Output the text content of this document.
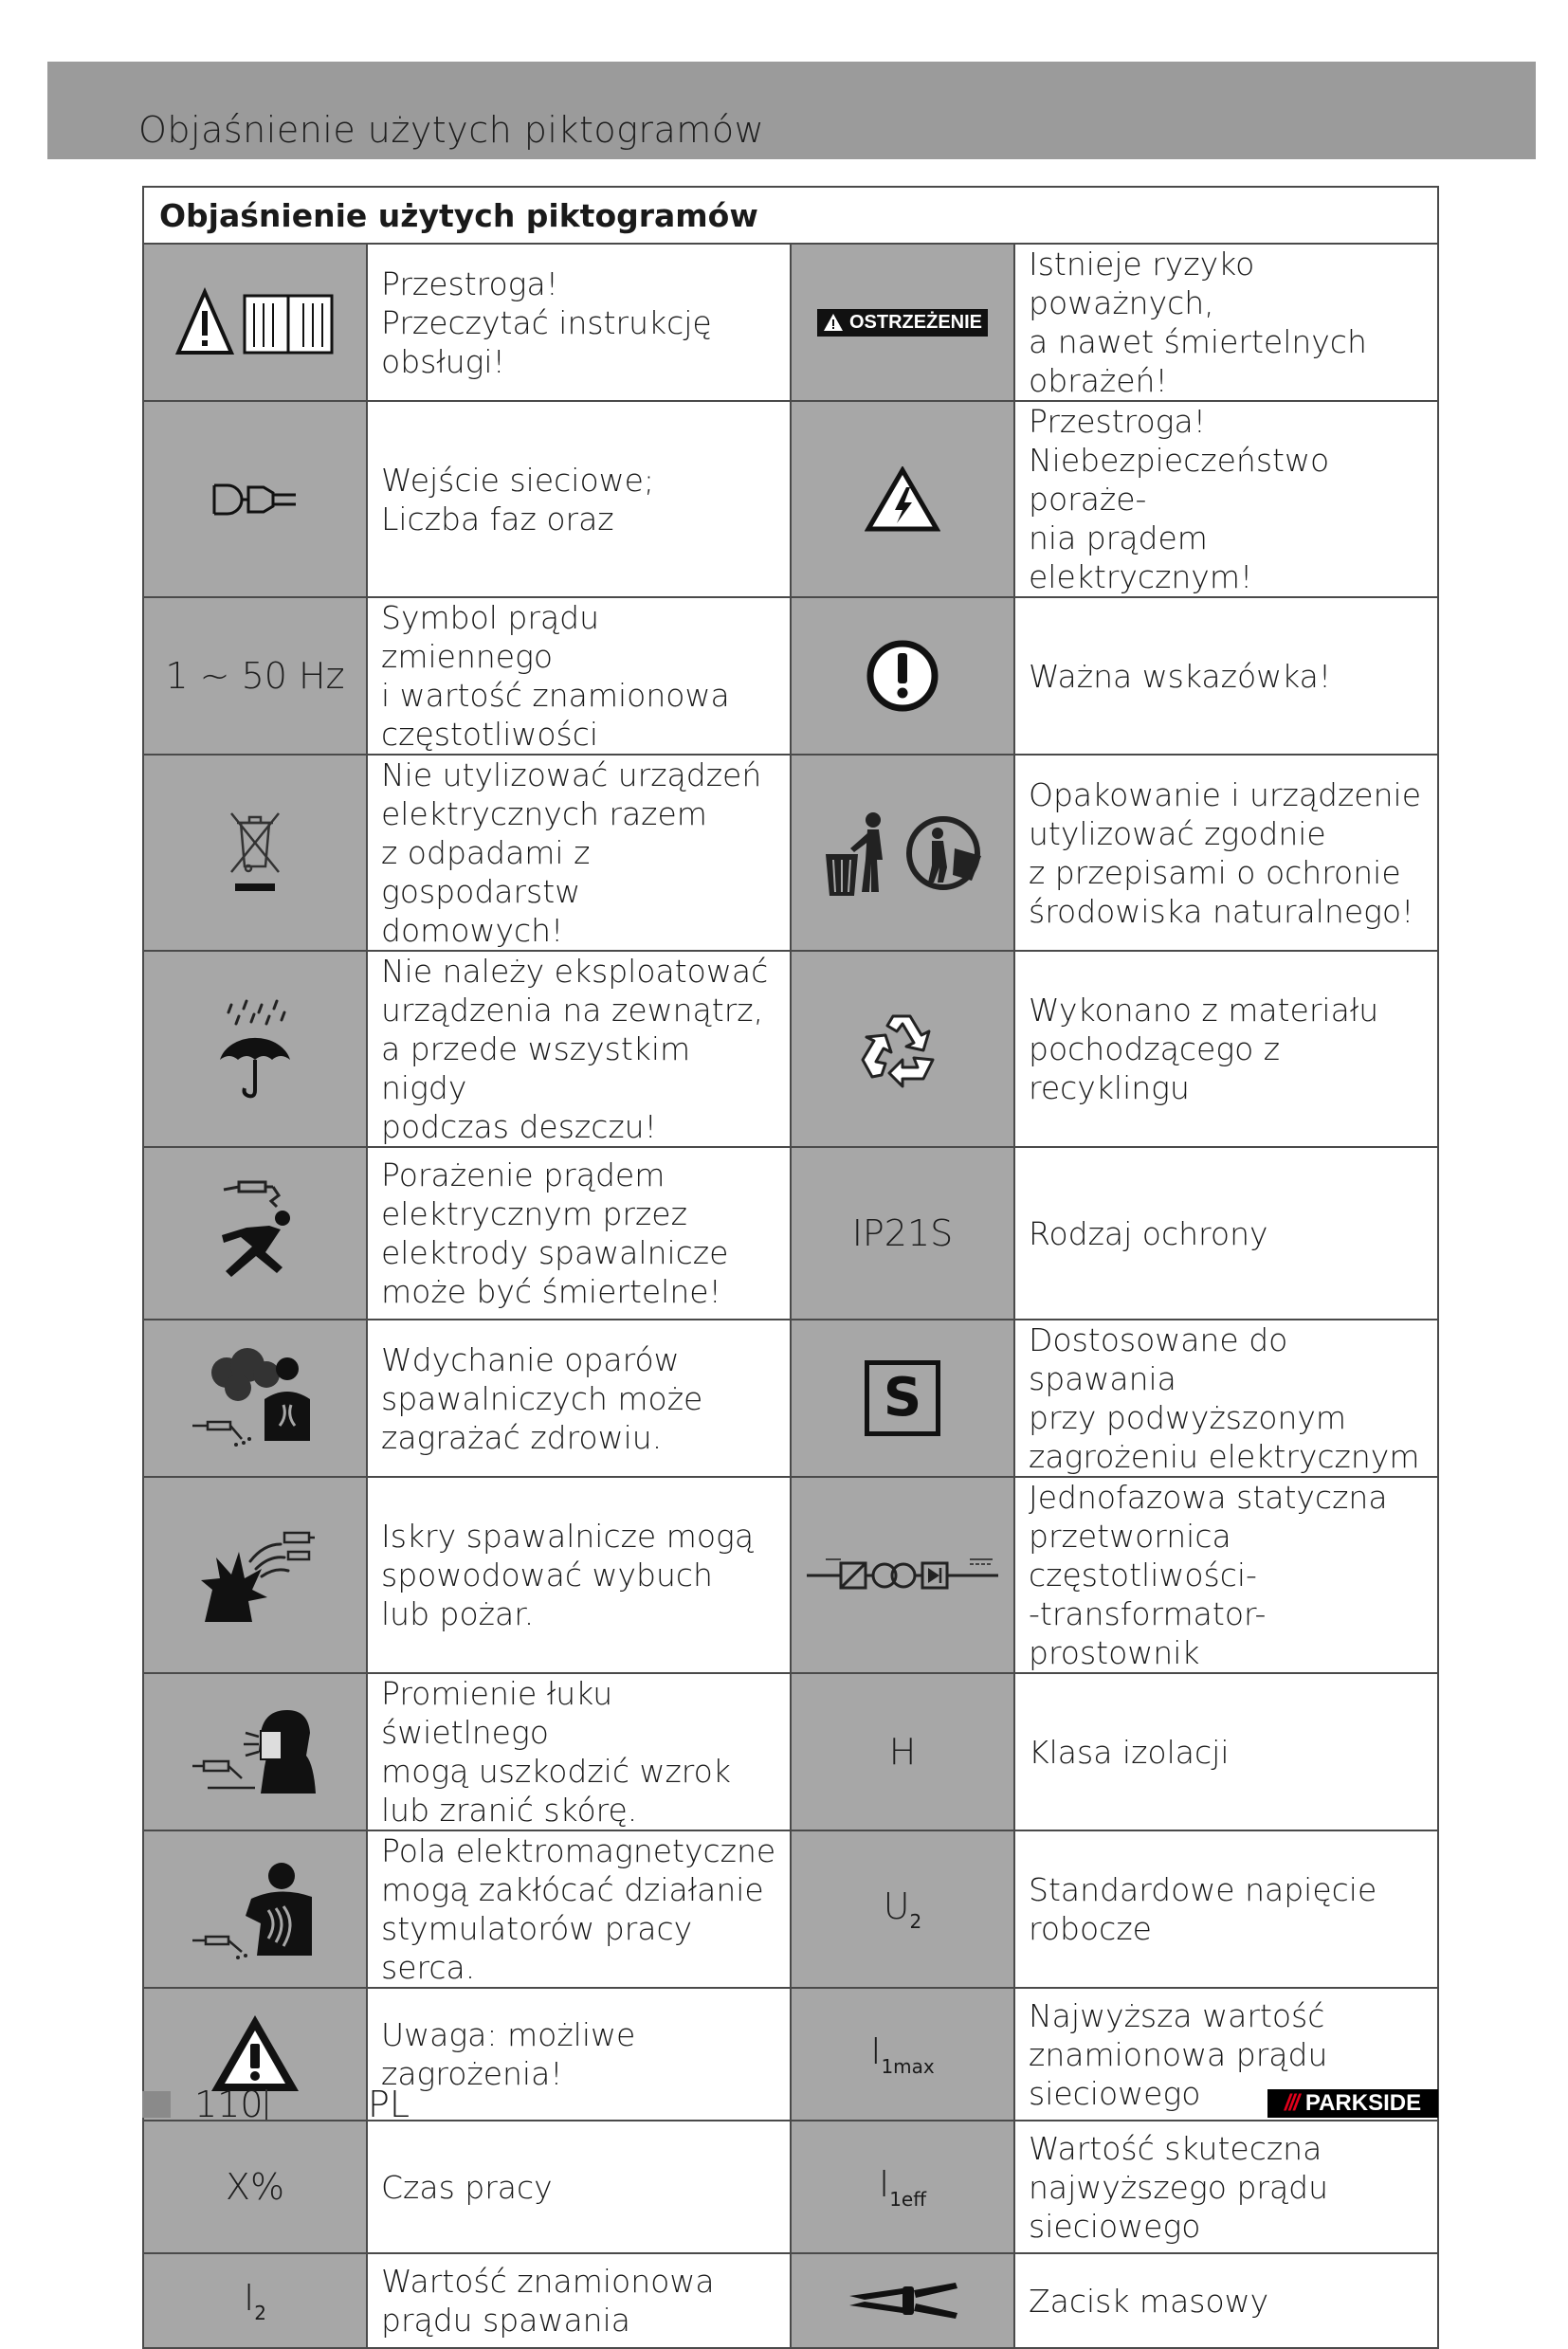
Objaśnienie użytych piktogramów
Objaśnienie użytych piktogramów			

	Przestroga!
Przeczytać instrukcję
obsługi!	OSTRZEŻENIE	Istnieje ryzyko poważnych,
a nawet śmiertelnych
obrażeń!

	Wejście sieciowe;
Liczba faz oraz		Przestroga!
Niebezpieczeństwo poraże-
nia prądem elektrycznym!
1 ~ 50 Hz	Symbol prądu zmiennego
i wartość znamionowa
częstotliwości		Ważna wskazówka!

	Nie utylizować urządzeń
elektrycznych razem
z odpadami z gospodarstw
domowych!		Opakowanie i urządzenie
utylizować zgodnie
z przepisami o ochronie
środowiska naturalnego!

	Nie należy eksploatować
urządzenia na zewnątrz,
a przede wszystkim nigdy
podczas deszczu!		Wykonano z materiału
pochodzącego z recyklingu

	Porażenie prądem
elektrycznym przez
elektrody spawalnicze
może być śmiertelne!	IP21S	Rodzaj ochrony

	Wdychanie oparów
spawalniczych może
zagrażać zdrowiu.	S	Dostosowane do spawania
przy podwyższonym
zagrożeniu elektrycznym

	Iskry spawalnicze mogą
spowodować wybuch
lub pożar.		Jednofazowa statyczna
przetwornica częstotliwości-
-transformator-prostownik

	Promienie łuku świetlnego
mogą uszkodzić wzrok
lub zranić skórę.	H	Klasa izolacji

	Pola elektromagnetyczne
mogą zakłócać działanie
stymulatorów pracy serca.	U2	Standardowe napięcie
robocze

	Uwaga: możliwe
zagrożenia!	I1max	Najwyższa wartość
znamionowa prądu
sieciowego
X%	Czas pracy	I1eff	Wartość skuteczna
najwyższego prądu
sieciowego
I2	Wartość znamionowa
prądu spawania		Zacisk masowy
110	PL	/// PARKSIDE
